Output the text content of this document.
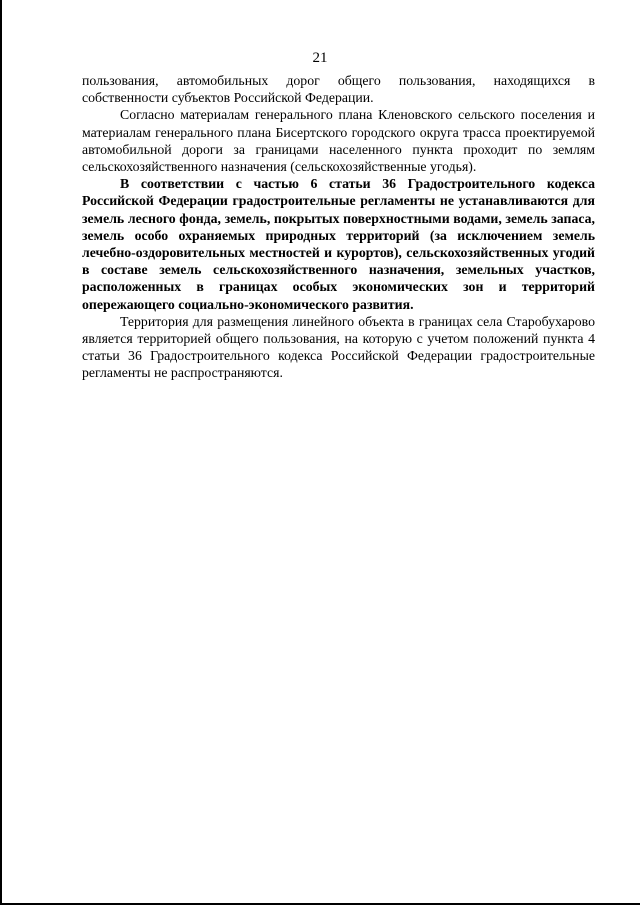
21

пользования, автомобильных дорог общего пользования, находящихся в собственности субъектов Российской Федерации.

Согласно материалам генерального плана Кленовского сельского поселения и материалам генерального плана Бисертского городского округа трасса проектируемой автомобильной дороги за границами населенного пункта проходит по землям сельскохозяйственного назначения (сельскохозяйственные угодья).

В соответствии с частью 6 статьи 36 Градостроительного кодекса Российской Федерации градостроительные регламенты не устанавливаются для земель лесного фонда, земель, покрытых поверхностными водами, земель запаса, земель особо охраняемых природных территорий (за исключением земель лечебно-оздоровительных местностей и курортов), сельскохозяйственных угодий в составе земель сельскохозяйственного назначения, земельных участков, расположенных в границах особых экономических зон и территорий опережающего социально-экономического развития.

Территория для размещения линейного объекта в границах села Старобухарово является территорией общего пользования, на которую с учетом положений пункта 4 статьи 36 Градостроительного кодекса Российской Федерации градостроительные регламенты не распространяются.
